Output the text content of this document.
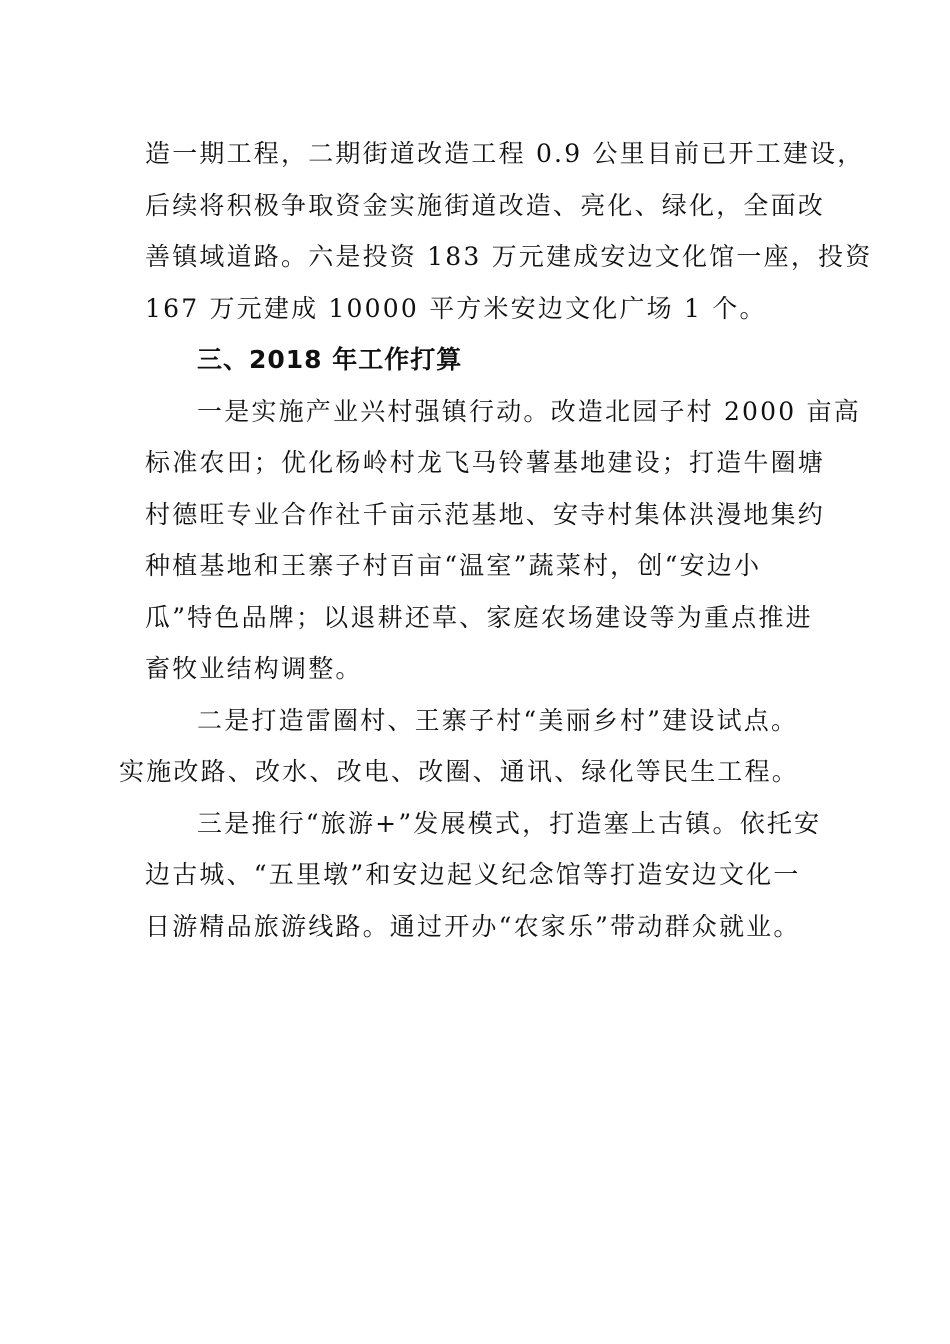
造一期工程，二期街道改造工程 0.9 公里目前已开工建设，
后续将积极争取资金实施街道改造、亮化、绿化，全面改
善镇域道路。六是投资 183 万元建成安边文化馆一座，投资
167 万元建成 10000 平方米安边文化广场 1 个。
三、2018 年工作打算
一是实施产业兴村强镇行动。改造北园子村 2000 亩高
标准农田；优化杨岭村龙飞马铃薯基地建设；打造牛圈塘
村德旺专业合作社千亩示范基地、安寺村集体洪漫地集约
种植基地和王寨子村百亩“温室”蔬菜村，创“安边小
瓜”特色品牌；以退耕还草、家庭农场建设等为重点推进
畜牧业结构调整。
二是打造雷圈村、王寨子村“美丽乡村”建设试点。
实施改路、改水、改电、改圈、通讯、绿化等民生工程。
三是推行“旅游+”发展模式，打造塞上古镇。依托安
边古城、“五里墩”和安边起义纪念馆等打造安边文化一
日游精品旅游线路。通过开办“农家乐”带动群众就业。
